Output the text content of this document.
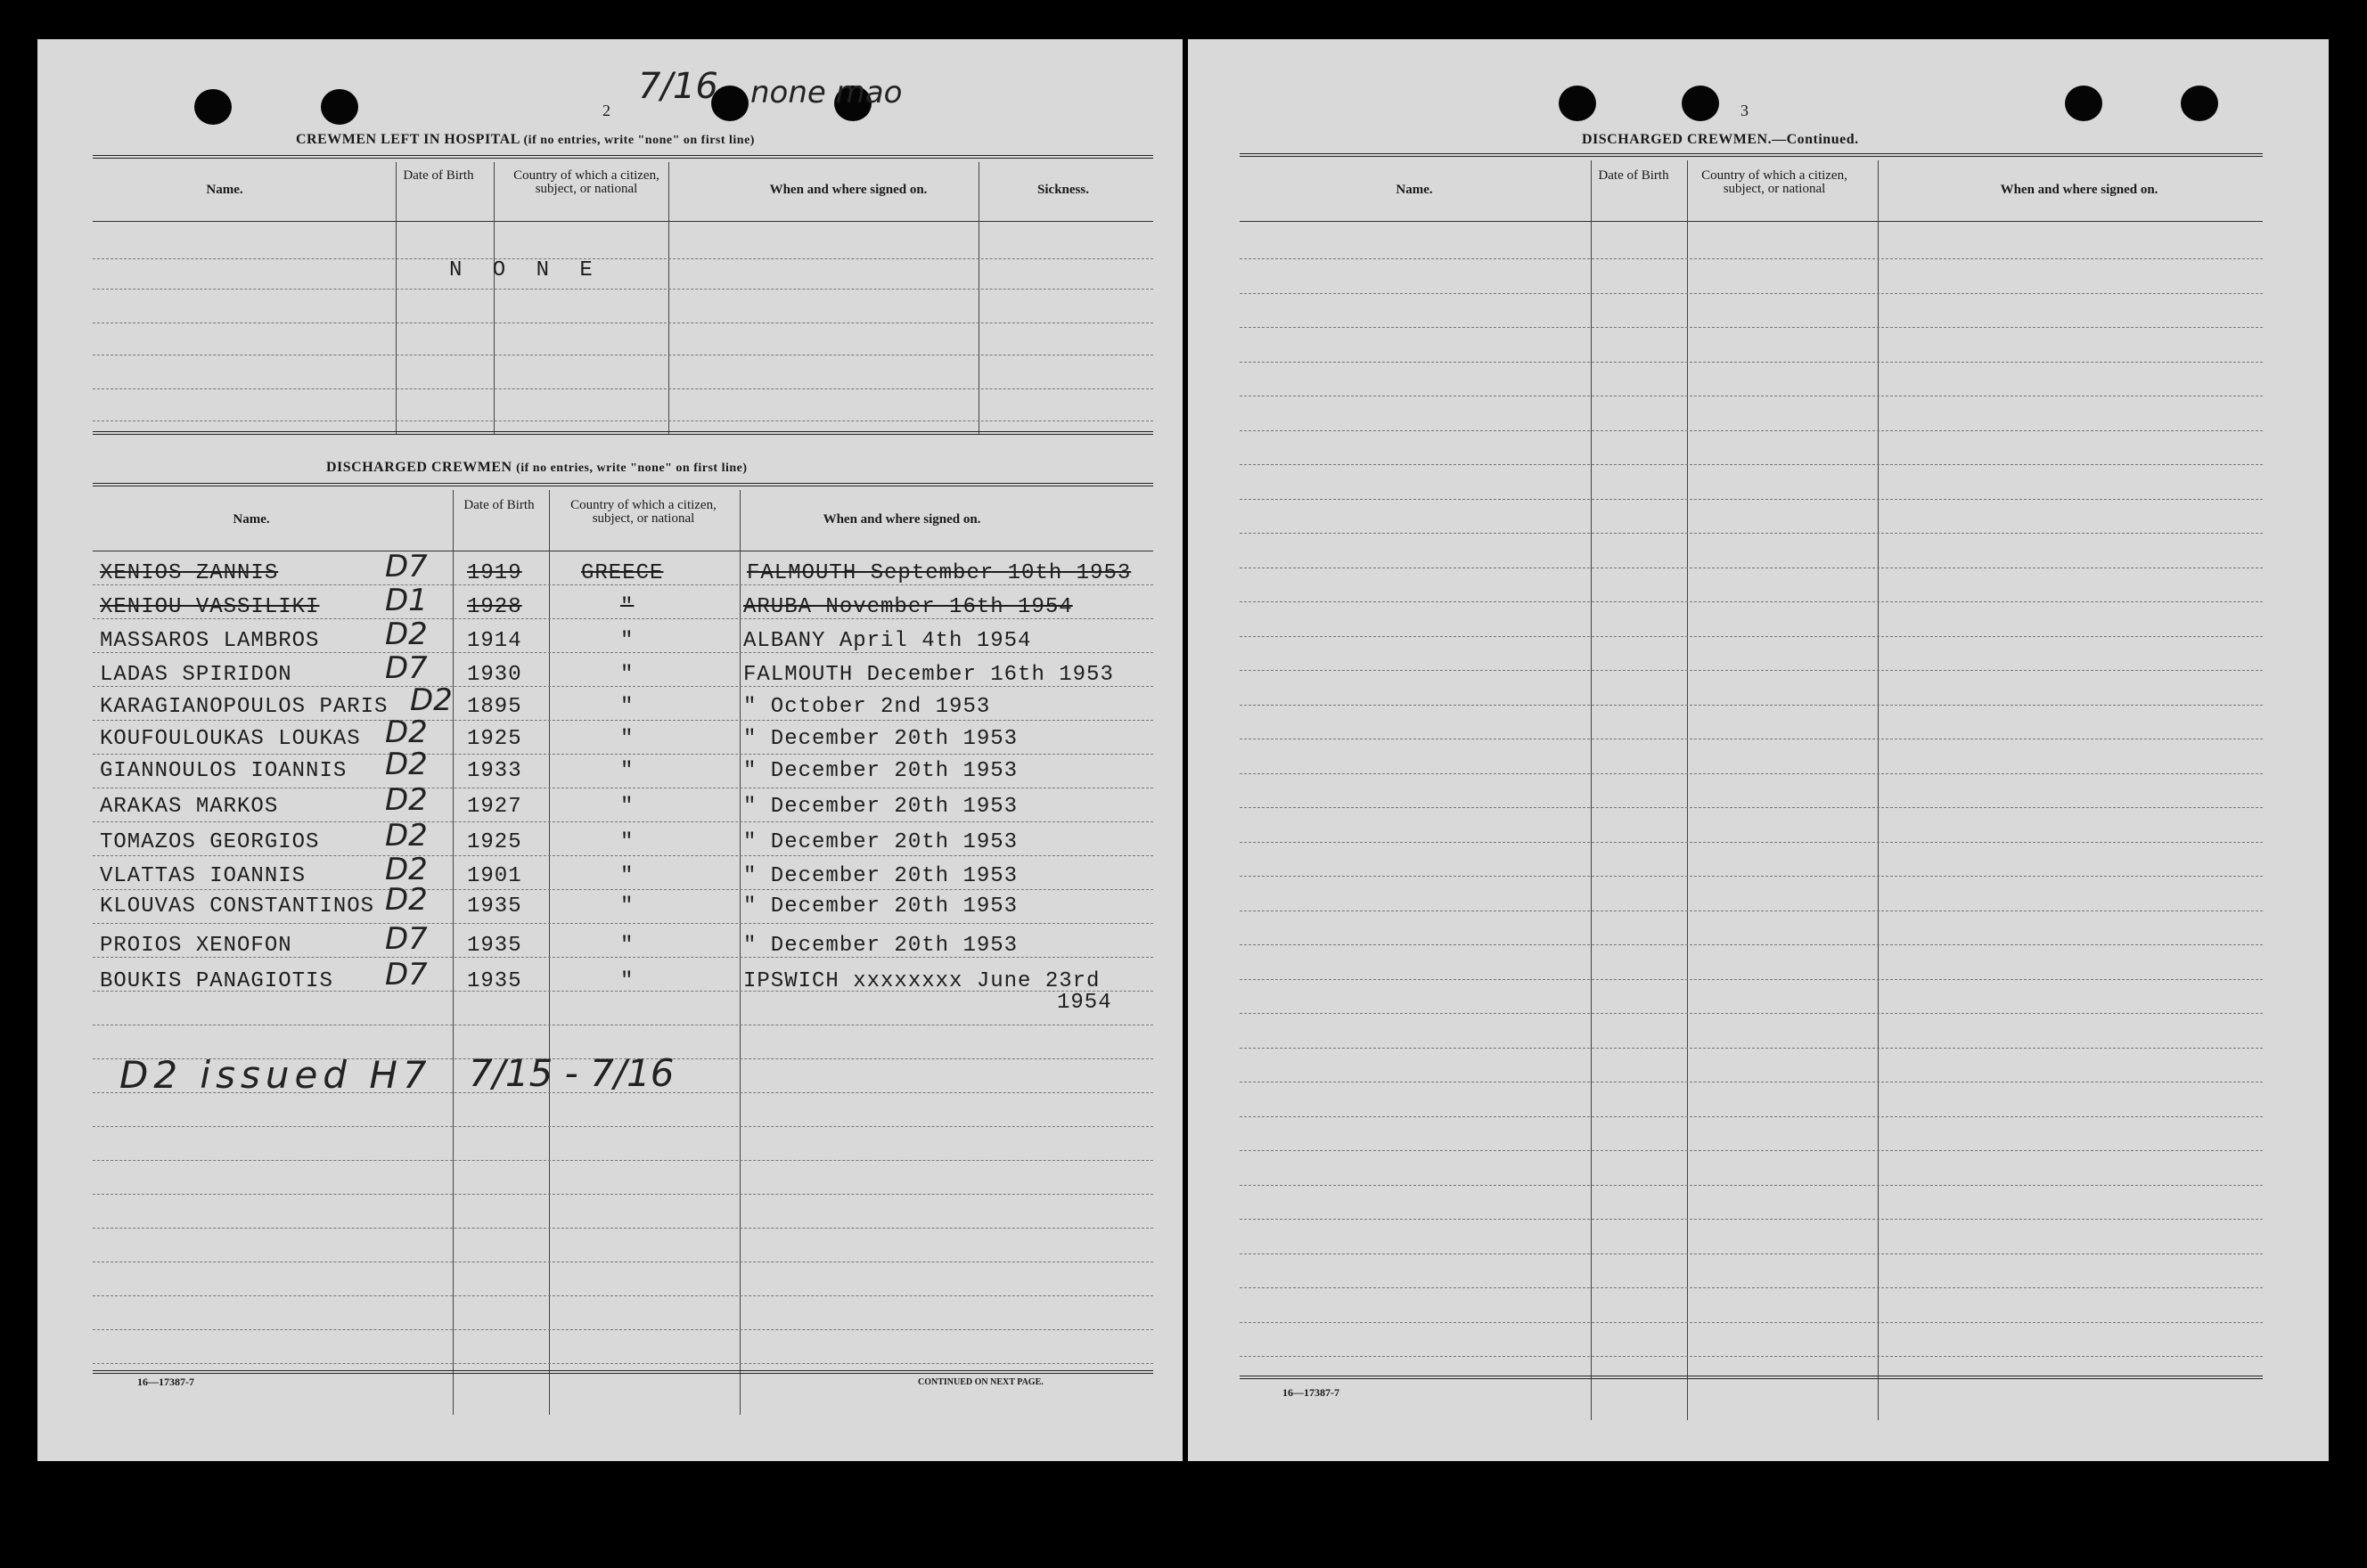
2
7/16 none mao
CREWMEN LEFT IN HOSPITAL (if no entries, write "none" on first line)
Name.
Date of Birth	Country of which a citizen, subject, or national	When and where signed on.	Sickness.
N O N E
DISCHARGED CREWMEN (if no entries, write "none" on first line)
Name.
Date of Birth	Country of which a citizen, subject, or national	When and where signed on.
XENIOS ZANNIS	D7 1919	GREECE	FALMOUTH September 10th 1953
XENIOU VASSILIKI D1 1928	"	ARUBA November 16th 1954
MASSAROS LAMBROS D2 1914	"	ALBANY April 4th 1954
LADAS SPIRIDON	D7 1930	"	FALMOUTH December 16th 1953
KARAGIANOPOULOS PARIS D2 1895	"	" October 2nd 1953
KOUFOULOUKAS LOUKAS D2 1925	"	" December 20th 1953
GIANNOULOS IOANNIS D2 1933	"	" December 20th 1953
ARAKAS MARKOS	D2 1927	"	" December 20th 1953
TOMAZOS GEORGIOS D2 1925	"	" December 20th 1953
VLATTAS IOANNIS	D2 1901	"	" December 20th 1953
KLOUVAS CONSTANTINOS D2 1935	"	" December 20th 1953
PROIOS XENOFON	D7 1935	"	" December 20th 1953
BOUKIS PANAGIOTIS D7 1935	"	IPSWICH xxxxxxxx June 23rd
1954
D2 issued H7 7/15 - 7/16
16—17387-7	CONTINUED ON NEXT PAGE.
3
DISCHARGED CREWMEN.—Continued.
Name.
Date of Birth	Country of which a citizen, subject, or national	When and where signed on.
16—17387-7
